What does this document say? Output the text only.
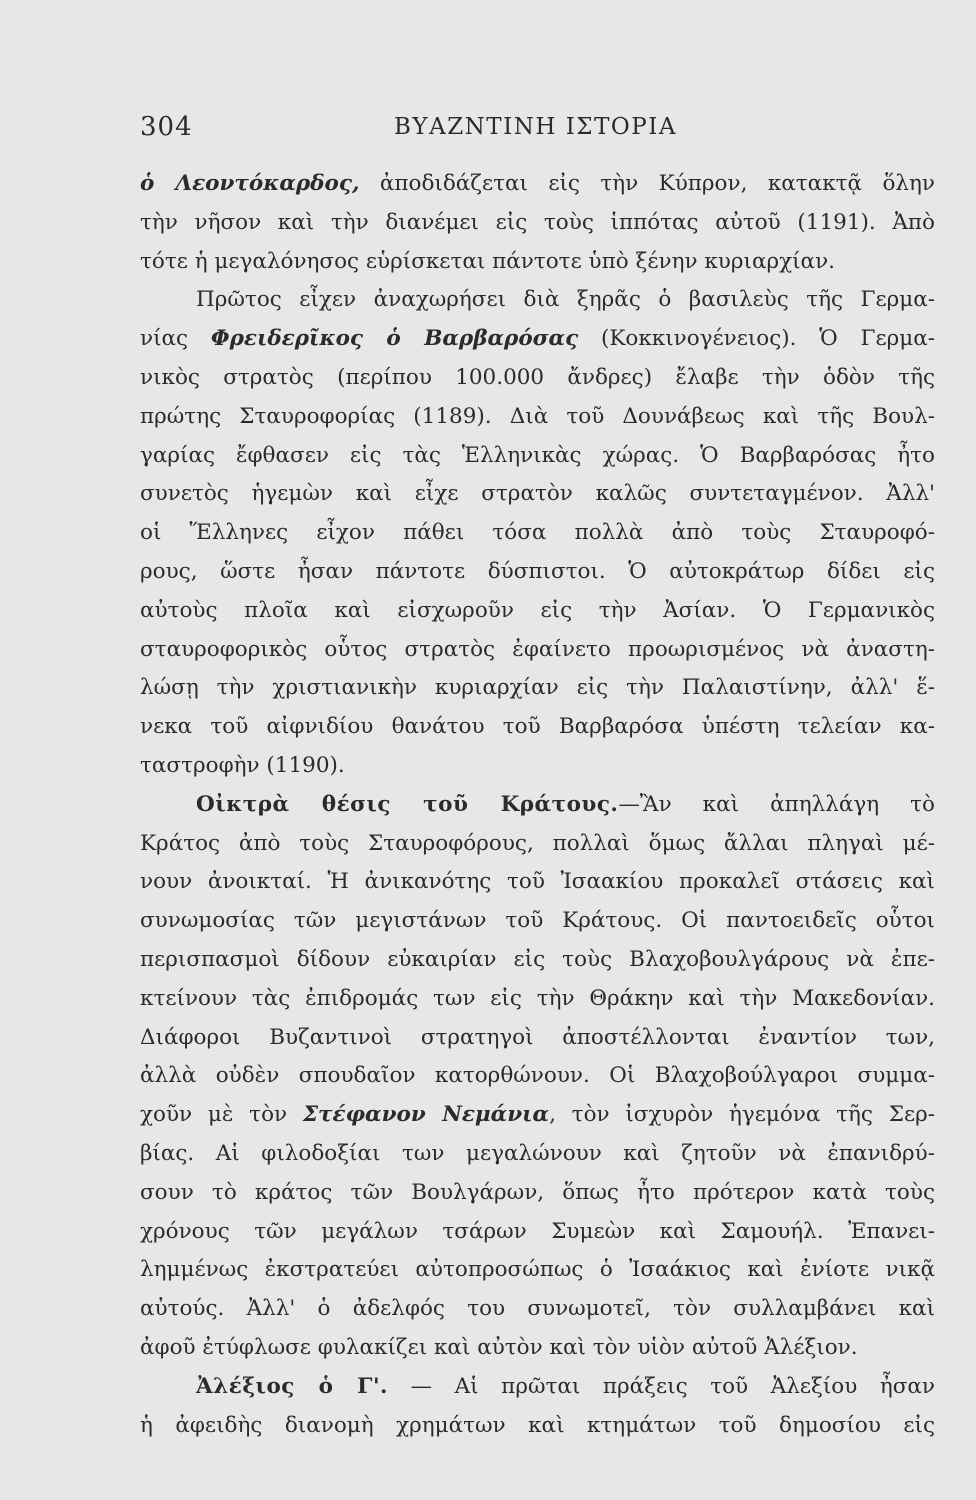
304	ΒΥΑΖΝΤΙΝΗ ΙΣΤΟΡΙΑ
ὁ Λεοντόκαρδος, ἀποδιδάζεται εἰς τὴν Κύπρον, κατακτᾷ ὅλην
τὴν νῆσον καὶ τὴν διανέμει εἰς τοὺς ἱππότας αὐτοῦ (1191). Ἀπὸ
τότε ἡ μεγαλόνησος εὑρίσκεται πάντοτε ὑπὸ ξένην κυριαρχίαν.
Πρῶτος εἶχεν ἀναχωρήσει διὰ ξηρᾶς ὁ βασιλεὺς τῆς Γερμα-
νίας Φρειδερῖκος ὁ Βαρβαρόσας (Κοκκινογένειος). Ὁ Γερμα-
νικὸς στρατὸς (περίπου 100.000 ἄνδρες) ἔλαβε τὴν ὁδὸν τῆς
πρώτης Σταυροφορίας (1189). Διὰ τοῦ Δουνάβεως καὶ τῆς Βουλ-
γαρίας ἔφθασεν εἰς τὰς Ἑλληνικὰς χώρας. Ὁ Βαρβαρόσας ἦτο
συνετὸς ἡγεμὼν καὶ εἶχε στρατὸν καλῶς συντεταγμένον. Ἀλλ'
οἱ Ἕλληνες εἶχον πάθει τόσα πολλὰ ἀπὸ τοὺς Σταυροφό-
ρους, ὥστε ἦσαν πάντοτε δύσπιστοι. Ὁ αὐτοκράτωρ δίδει εἰς
αὐτοὺς πλοῖα καὶ εἰσχωροῦν εἰς τὴν Ἀσίαν. Ὁ Γερμανικὸς
σταυροφορικὸς οὗτος στρατὸς ἐφαίνετο προωρισμένος νὰ ἀναστη-
λώσῃ τὴν χριστιανικὴν κυριαρχίαν εἰς τὴν Παλαιστίνην, ἀλλ' ἕ-
νεκα τοῦ αἰφνιδίου θανάτου τοῦ Βαρβαρόσα ὑπέστη τελείαν κα-
ταστροφὴν (1190).
Οἰκτρὰ θέσις τοῦ Κράτους.—Ἂν καὶ ἀπηλλάγη τὸ
Κράτος ἀπὸ τοὺς Σταυροφόρους, πολλαὶ ὅμως ἄλλαι πληγαὶ μέ-
νουν ἀνοικταί. Ἡ ἀνικανότης τοῦ Ἰσαακίου προκαλεῖ στάσεις καὶ
συνωμοσίας τῶν μεγιστάνων τοῦ Κράτους. Οἱ παντοειδεῖς οὗτοι
περισπασμοὶ δίδουν εὐκαιρίαν εἰς τοὺς Βλαχοβουλγάρους νὰ ἐπε-
κτείνουν τὰς ἐπιδρομάς των εἰς τὴν Θράκην καὶ τὴν Μακεδονίαν.
Διάφοροι Βυζαντινοὶ στρατηγοὶ ἀποστέλλονται ἐναντίον των,
ἀλλὰ οὐδὲν σπουδαῖον κατορθώνουν. Οἱ Βλαχοβούλγαροι συμμα-
χοῦν μὲ τὸν Στέφανον Νεμάνια, τὸν ἰσχυρὸν ἡγεμόνα τῆς Σερ-
βίας. Αἱ φιλοδοξίαι των μεγαλώνουν καὶ ζητοῦν νὰ ἐπανιδρύ-
σουν τὸ κράτος τῶν Βουλγάρων, ὅπως ἦτο πρότερον κατὰ τοὺς
χρόνους τῶν μεγάλων τσάρων Συμεὼν καὶ Σαμουήλ. Ἐπανει-
λημμένως ἐκστρατεύει αὐτοπροσώπως ὁ Ἰσαάκιος καὶ ἐνίοτε νικᾷ
αὐτούς. Ἀλλ' ὁ ἀδελφός του συνωμοτεῖ, τὸν συλλαμβάνει καὶ
ἀφοῦ ἐτύφλωσε φυλακίζει καὶ αὐτὸν καὶ τὸν υἱὸν αὐτοῦ Ἀλέξιον.
Ἀλέξιος ὁ Γ'. — Αἱ πρῶται πράξεις τοῦ Ἀλεξίου ἦσαν
ἡ ἀφειδὴς διανομὴ χρημάτων καὶ κτημάτων τοῦ δημοσίου εἰς
